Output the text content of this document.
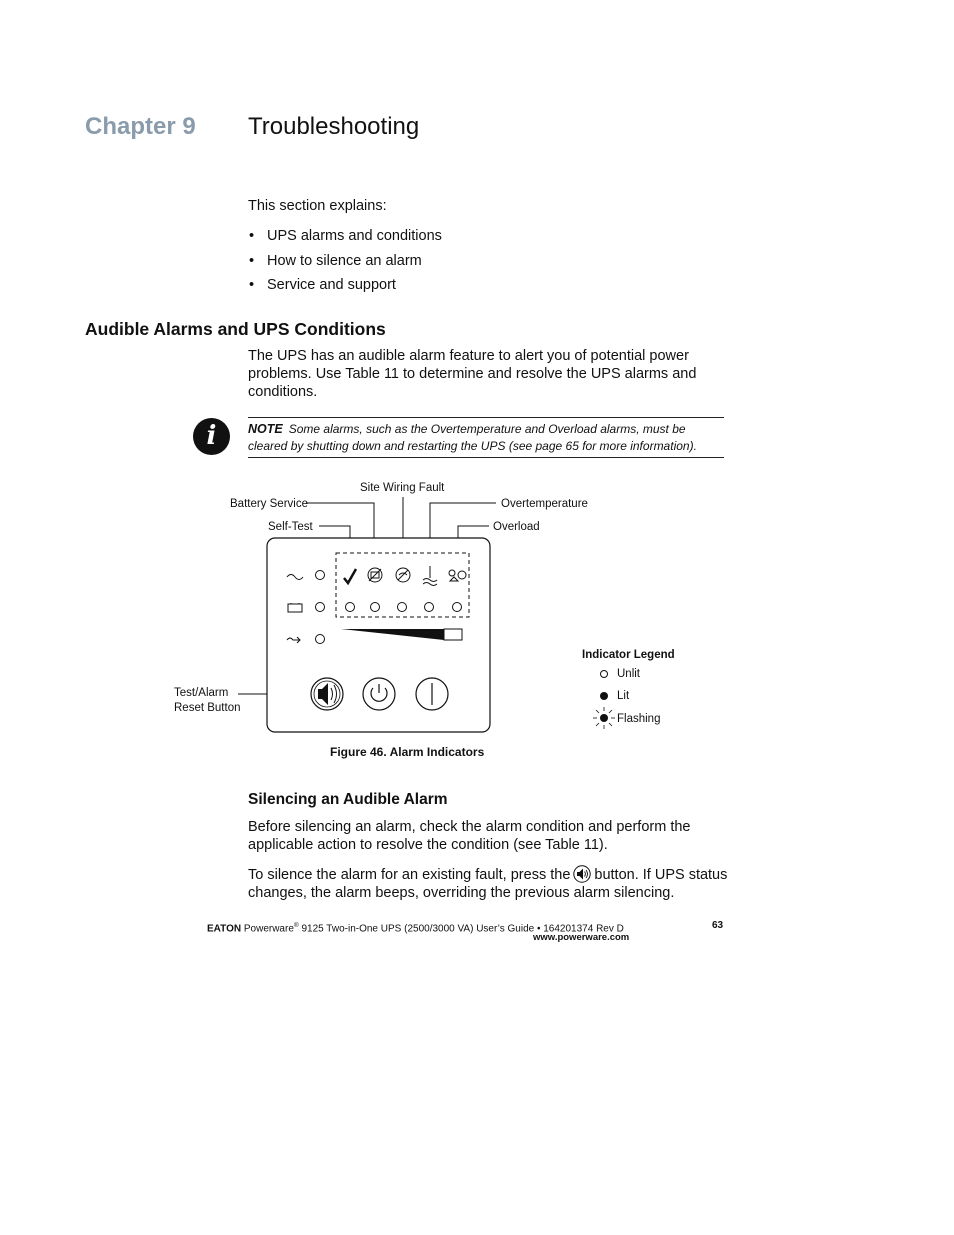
Chapter 9 Troubleshooting
This section explains:
• UPS alarms and conditions
• How to silence an alarm
• Service and support
Audible Alarms and UPS Conditions
The UPS has an audible alarm feature to alert you of potential power problems. Use Table 11 to determine and resolve the UPS alarms and conditions.
i	NOTE Some alarms, such as the Overtemperature and Overload alarms, must be cleared by shutting down and restarting the UPS (see page 65 for more information).
Site Wiring Fault
Battery Service	Overtemperature
Self-Test	Overload
Test/Alarm
Reset Button
Indicator Legend
Unlit
Lit
Flashing
Figure 46. Alarm Indicators
Silencing an Audible Alarm
Before silencing an alarm, check the alarm condition and perform the applicable action to resolve the condition (see Table 11).
To silence the alarm for an existing fault, press the button. If UPS status changes, the alarm beeps, overriding the previous alarm silencing.
EATON Powerware® 9125 Two-in-One UPS (2500/3000 VA) User’s Guide • 164201374 Rev D
www.powerware.com
63
